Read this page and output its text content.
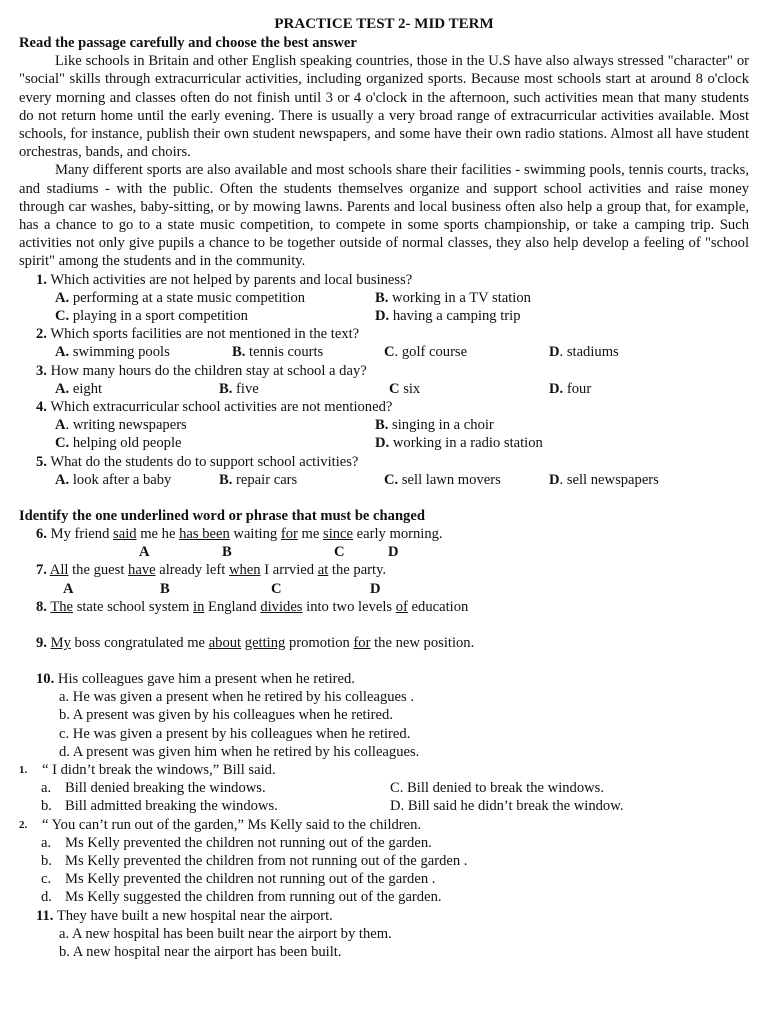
PRACTICE TEST 2- MID TERM
Read the passage carefully and choose the best answer
Like schools in Britain and other English speaking countries, those in the U.S have also always stressed "character" or "social" skills through extracurricular activities, including organized sports. Because most schools start at around 8 o'clock every morning and classes often do not finish until 3 or 4 o'clock in the afternoon, such activities mean that many students do not return home until the early evening. There is usually a very broad range of extracurricular activities available. Most schools, for instance, publish their own student newspapers, and some have their own radio stations. Almost all have student orchestras, bands, and choirs.
Many different sports are also available and most schools share their facilities - swimming pools, tennis courts, tracks, and stadiums - with the public. Often the students themselves organize and support school activities and raise money through car washes, baby-sitting, or by mowing lawns. Parents and local business often also help a group that, for example, has a chance to go to a state music competition, to compete in some sports championship, or take a camping trip. Such activities not only give pupils a chance to be together outside of normal classes, they also help develop a feeling of "school spirit" among the students and in the community.
1. Which activities are not helped by parents and local business?
A. performing at a state music competition	B. working in a TV station
C. playing in a sport competition	D. having a camping trip
2. Which sports facilities are not mentioned in the text?
A. swimming pools	B. tennis courts	C. golf course	D. stadiums
3. How many hours do the children stay at school a day?
A. eight	B. five	C six	D. four
4. Which extracurricular school activities are not mentioned?
A. writing newspapers	B. singing in a choir
C. helping old people	D. working in a radio station
5. What do the students do to support school activities?
A. look after a baby	B. repair cars	C. sell lawn movers	D. sell newspapers
Identify the one underlined word or phrase that must be changed
6. My friend said me he has been waiting for me since early morning.
A	B	C	D
7. All the guest have already left when I arrvied at the party.
A	B	C	D
8. The state school system in England divides into two levels of education
9. My boss congratulated me about getting promotion for the new position.
10. His colleagues gave him a present when he retired.
a. He was given a present when he retired by his colleagues .
b. A present was given by his colleagues when he retired.
c. He was given a present by his colleagues when he retired.
d. A present was given him when he retired by his colleagues.
1. “ I didn’t break the windows,” Bill said.
a. Bill denied breaking the windows.	C. Bill denied to break the windows.
b. Bill admitted breaking the windows.	D. Bill said he didn’t break the window.
2. “ You can’t run out of the garden,” Ms Kelly said to the children.
a. Ms Kelly prevented the children not running out of the garden.
b. Ms Kelly prevented the children from not running out of the garden .
c. Ms Kelly prevented the children not running out of the garden .
d. Ms Kelly suggested the children from running out of the garden.
11. They have built a new hospital near the airport.
a. A new hospital has been built near the airport by them.
b. A new hospital near the airport has been built.
